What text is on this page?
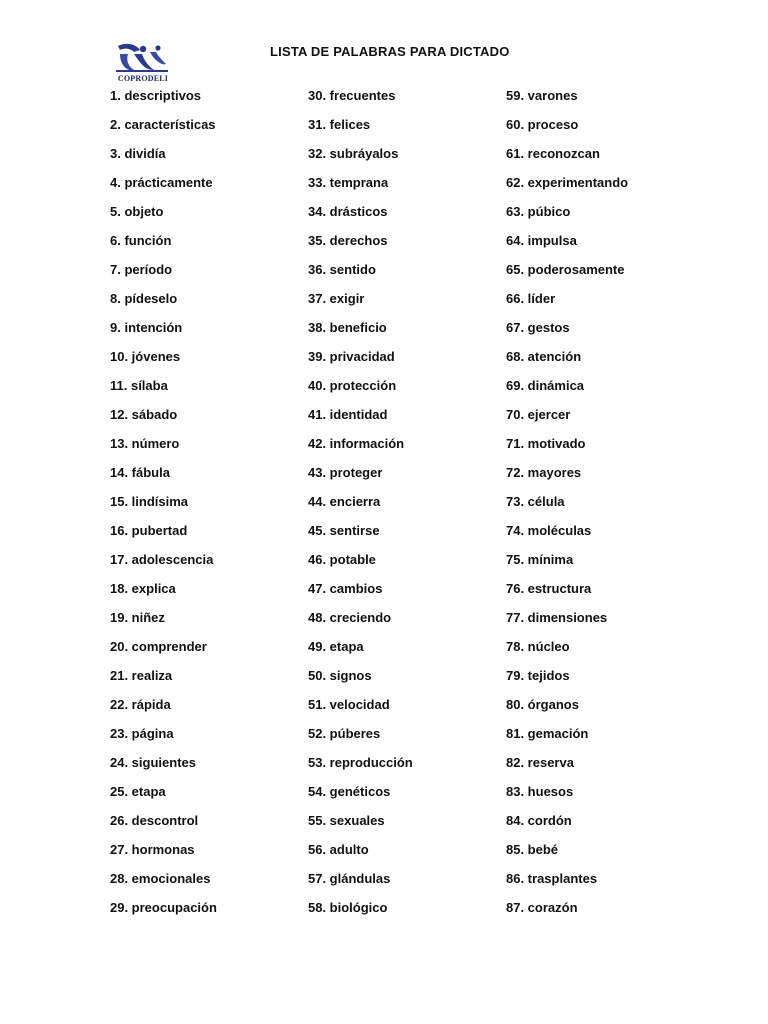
COPRODELI
LISTA DE PALABRAS PARA DICTADO
1. descriptivos
2. características
3. dividía
4. prácticamente
5. objeto
6. función
7. período
8. pídeselo
9. intención
10. jóvenes
11. sílaba
12. sábado
13. número
14. fábula
15. lindísima
16. pubertad
17. adolescencia
18. explica
19. niñez
20. comprender
21. realiza
22. rápida
23. página
24. siguientes
25. etapa
26. descontrol
27. hormonas
28. emocionales
29. preocupación
30. frecuentes
31. felices
32. subráyalos
33. temprana
34. drásticos
35. derechos
36. sentido
37. exigir
38. beneficio
39. privacidad
40. protección
41. identidad
42. información
43. proteger
44. encierra
45. sentirse
46. potable
47. cambios
48. creciendo
49. etapa
50. signos
51. velocidad
52. púberes
53. reproducción
54. genéticos
55. sexuales
56. adulto
57. glándulas
58. biológico
59. varones
60. proceso
61. reconozcan
62. experimentando
63. púbico
64. impulsa
65. poderosamente
66. líder
67. gestos
68. atención
69. dinámica
70. ejercer
71. motivado
72. mayores
73. célula
74. moléculas
75. mínima
76. estructura
77. dimensiones
78. núcleo
79. tejidos
80. órganos
81. gemación
82. reserva
83. huesos
84. cordón
85. bebé
86. trasplantes
87. corazón
